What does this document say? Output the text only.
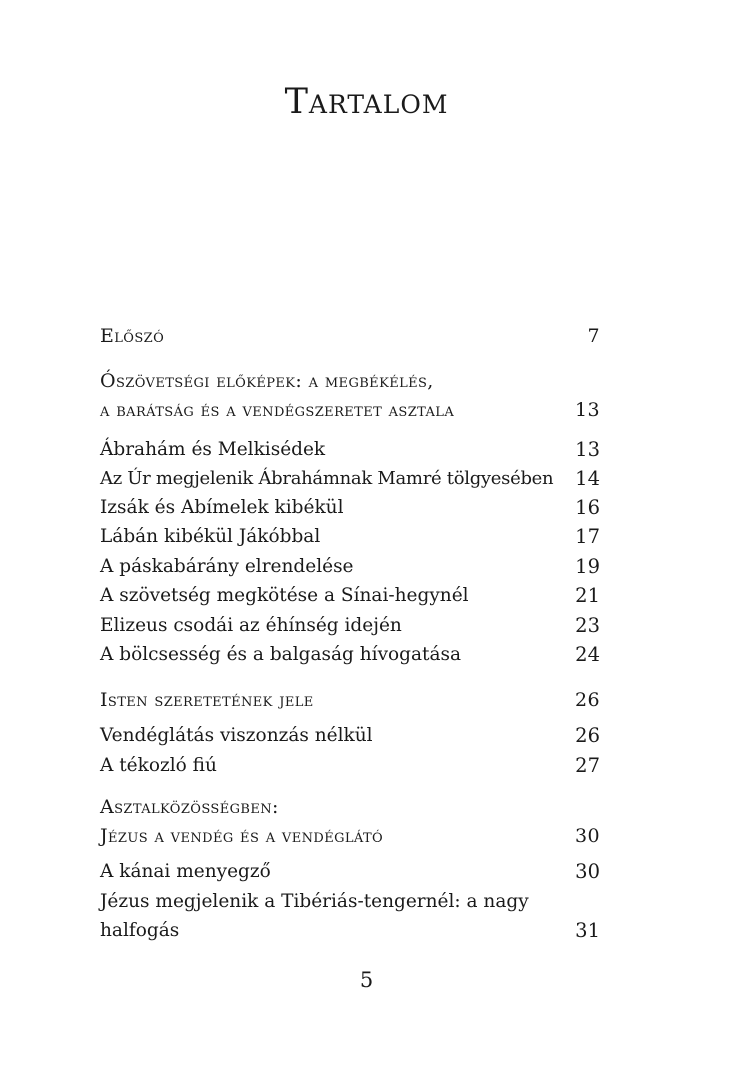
Tartalom
Előszó	7
Ószövetségi előképek: a megbékélés,
a barátság és a vendégszeretet asztala	13
Ábrahám és Melkisédek	13
Az Úr megjelenik Ábrahámnak Mamré tölgyesében 14
Izsák és Abímelek kibékül	16
Lábán kibékül Jákóbbal	17
A páskabárány elrendelése	19
A szövetség megkötése a Sínai-hegynél	21
Elizeus csodái az éhínség idején	23
A bölcsesség és a balgaság hívogatása	24
Isten szeretetének jele	26
Vendéglátás viszonzás nélkül	26
A tékozló fiú	27
Asztalközösségben:
Jézus a vendég és a vendéglátó	30
A kánai menyegző	30
Jézus megjelenik a Tibériás-tengernél: a nagy
halfogás	31
5
